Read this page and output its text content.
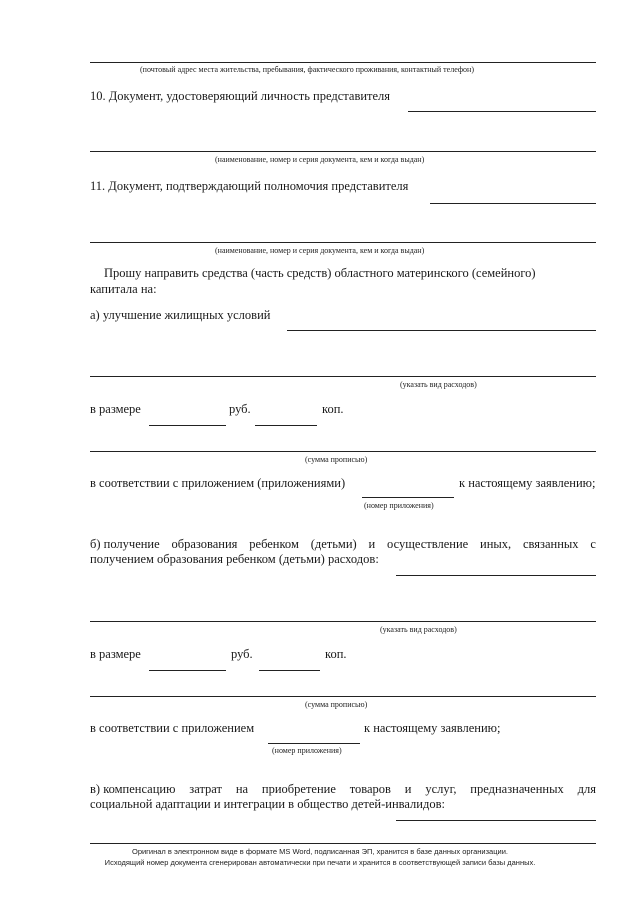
(почтовый адрес места жительства, пребывания, фактического проживания, контактный телефон)
10. Документ, удостоверяющий личность представителя
(наименование, номер и серия документа, кем и когда выдан)
11. Документ, подтверждающий полномочия представителя
(наименование, номер и серия документа, кем и когда выдан)
Прошу направить средства (часть средств) областного материнского (семейного)
капитала на:
а) улучшение жилищных условий
(указать вид расходов)
в размере	руб.	коп.
(сумма прописью)
в соответствии с приложением (приложениями)	к настоящему заявлению;
(номер приложения)
б) получение образования ребенком (детьми) и осуществление иных, связанных с
получением образования ребенком (детьми) расходов:
(указать вид расходов)
в размере	руб.	коп.
(сумма прописью)
в соответствии с приложением	к настоящему заявлению;
(номер приложения)
в) компенсацию затрат на приобретение товаров и услуг, предназначенных для
социальной адаптации и интеграции в общество детей-инвалидов:
Оригинал в электронном виде в формате MS Word, подписанная ЭП, хранится в базе данных организации.
Исходящий номер документа сгенерирован автоматически при печати и хранится в соответствующей записи базы данных.
